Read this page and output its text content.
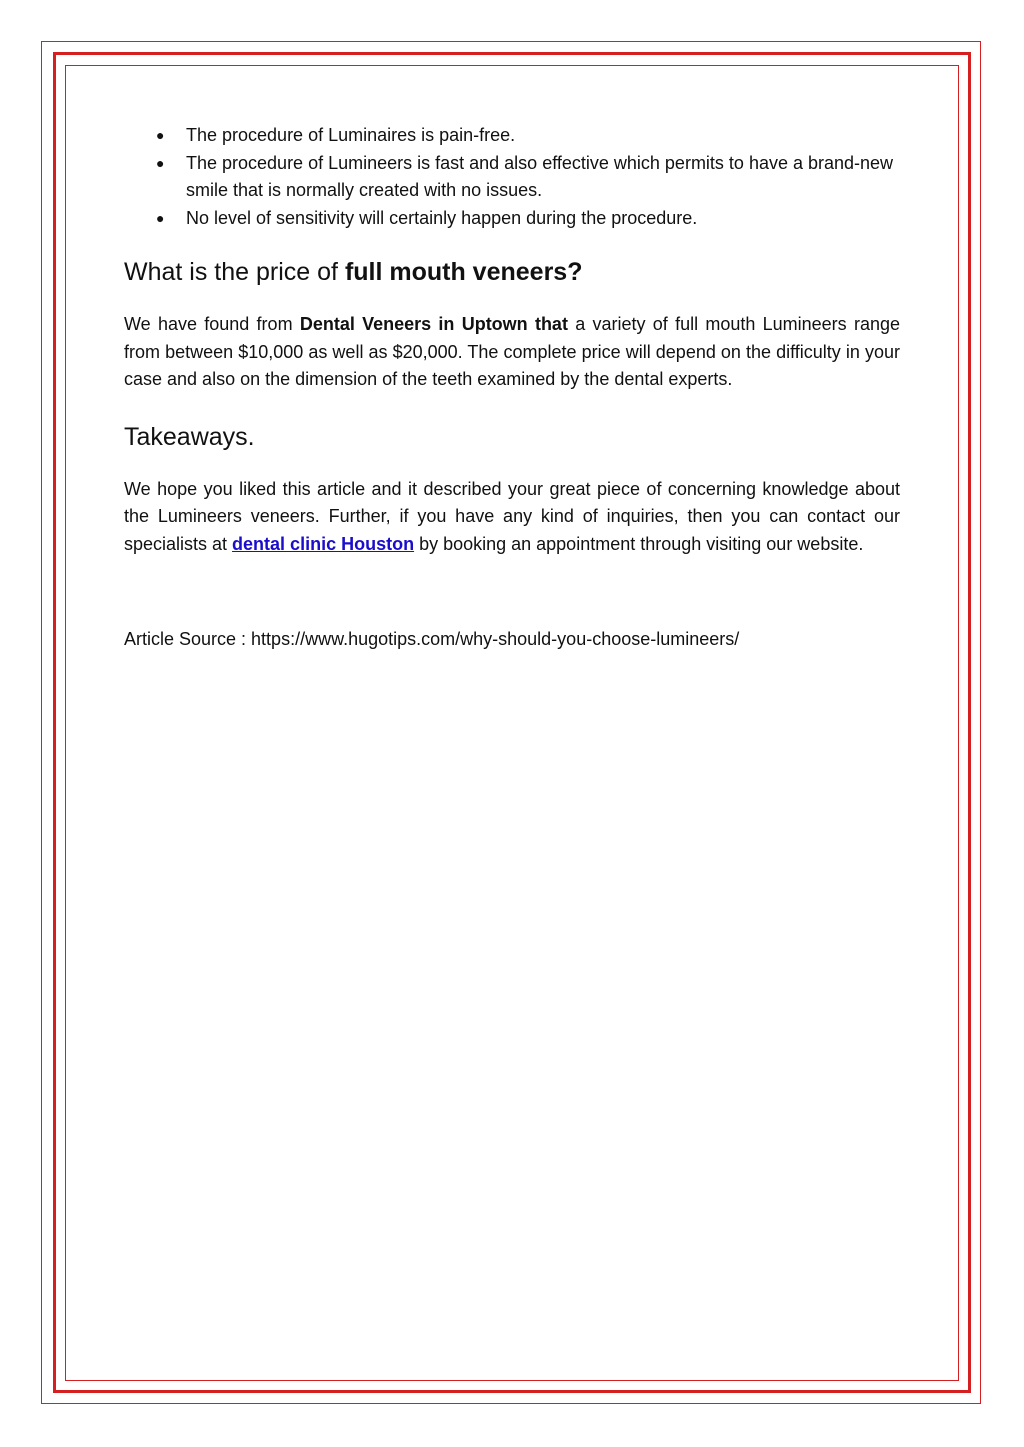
● The procedure of Luminaires is pain-free.
● The procedure of Lumineers is fast and also effective which permits to have a brand-new smile that is normally created with no issues.
● No level of sensitivity will certainly happen during the procedure.
What is the price of full mouth veneers?

We have found from Dental Veneers in Uptown that a variety of full mouth Lumineers range from between $10,000 as well as $20,000. The complete price will depend on the difficulty in your case and also on the dimension of the teeth examined by the dental experts.

Takeaways.

We hope you liked this article and it described your great piece of concerning knowledge about the Lumineers veneers. Further, if you have any kind of inquiries, then you can contact our specialists at dental clinic Houston by booking an appointment through visiting our website.

Article Source : https://www.hugotips.com/why-should-you-choose-lumineers/
